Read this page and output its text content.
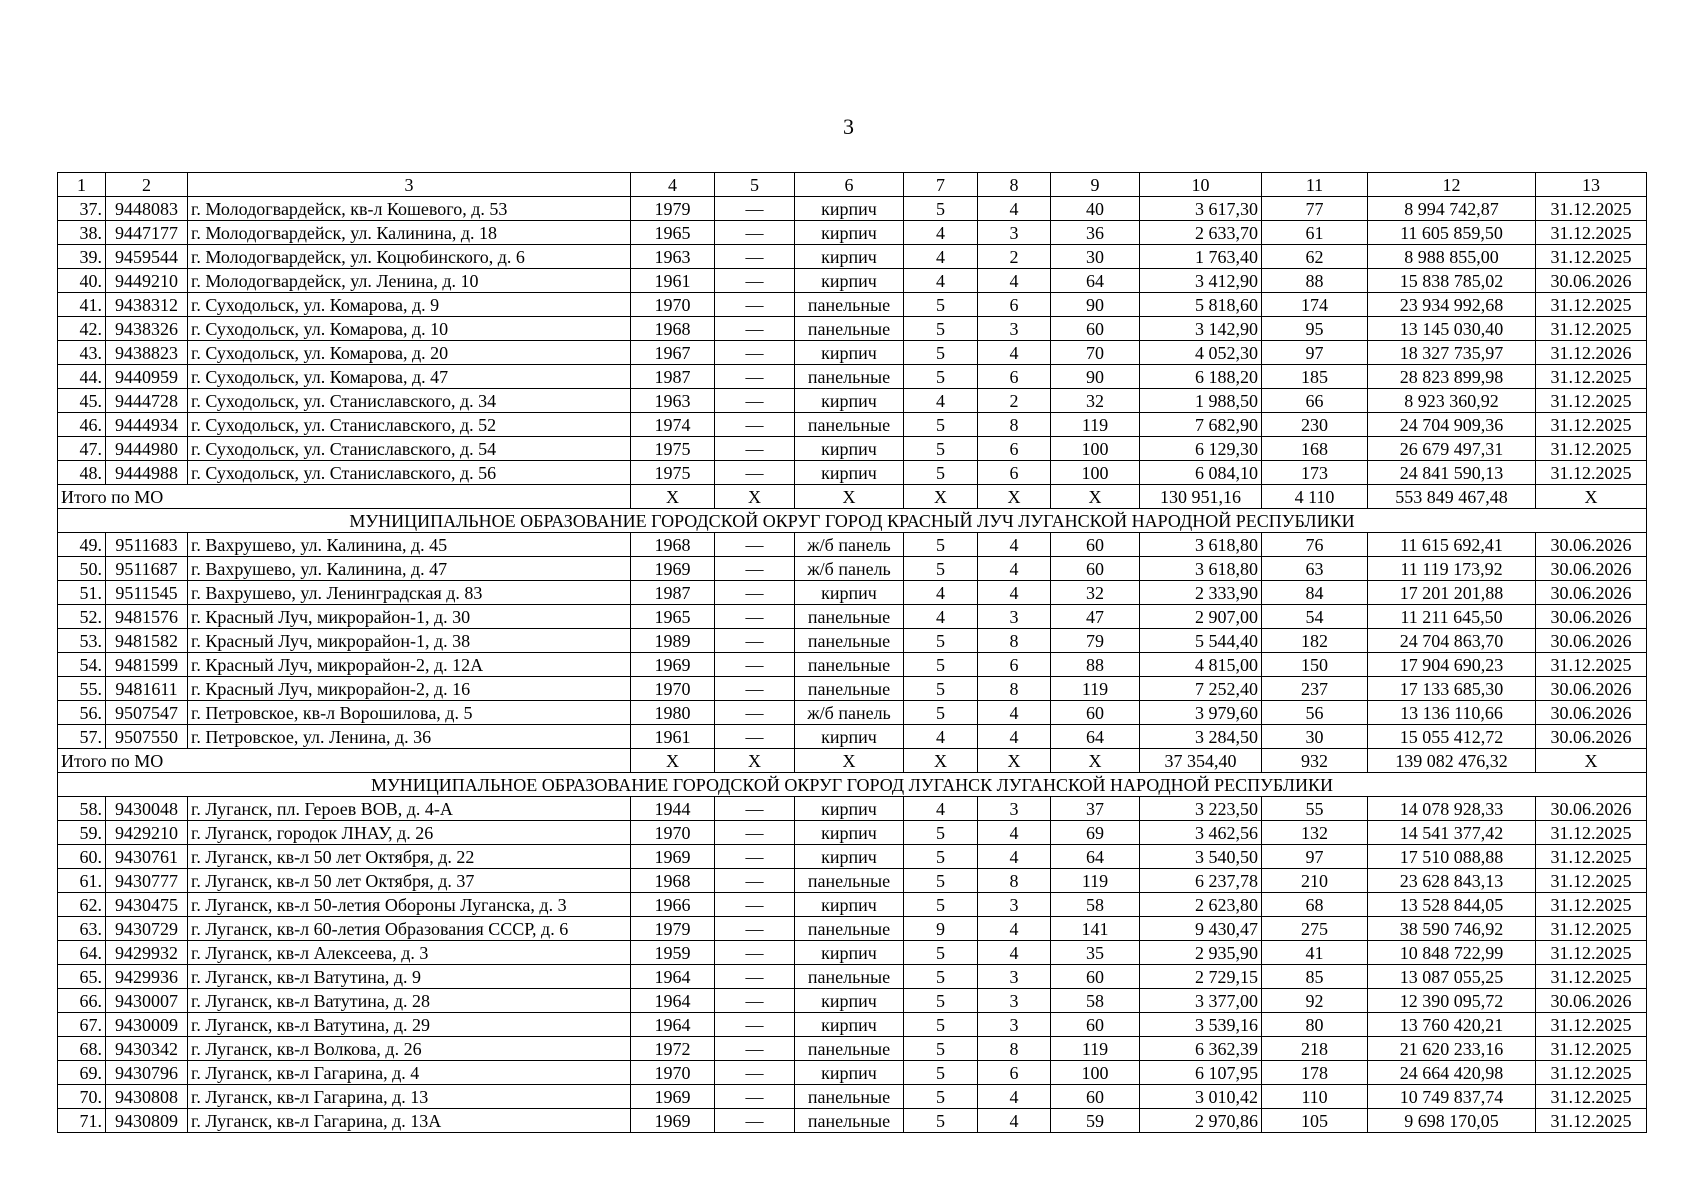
3
1	2	3	4	5	6	7	8	9	10	11	12	13
37.	9448083	г. Молодогвардейск, кв-л Кошевого, д. 53	1979	—	кирпич	5	4	40	3 617,30	77	8 994 742,87	31.12.2025
38.	9447177	г. Молодогвардейск, ул. Калинина, д. 18	1965	—	кирпич	4	3	36	2 633,70	61	11 605 859,50	31.12.2025
39.	9459544	г. Молодогвардейск, ул. Коцюбинского, д. 6	1963	—	кирпич	4	2	30	1 763,40	62	8 988 855,00	31.12.2025
40.	9449210	г. Молодогвардейск, ул. Ленина, д. 10	1961	—	кирпич	4	4	64	3 412,90	88	15 838 785,02	30.06.2026
41.	9438312	г. Суходольск, ул. Комарова, д. 9	1970	—	панельные	5	6	90	5 818,60	174	23 934 992,68	31.12.2025
42.	9438326	г. Суходольск, ул. Комарова, д. 10	1968	—	панельные	5	3	60	3 142,90	95	13 145 030,40	31.12.2025
43.	9438823	г. Суходольск, ул. Комарова, д. 20	1967	—	кирпич	5	4	70	4 052,30	97	18 327 735,97	31.12.2026
44.	9440959	г. Суходольск, ул. Комарова, д. 47	1987	—	панельные	5	6	90	6 188,20	185	28 823 899,98	31.12.2025
45.	9444728	г. Суходольск, ул. Станиславского, д. 34	1963	—	кирпич	4	2	32	1 988,50	66	8 923 360,92	31.12.2025
46.	9444934	г. Суходольск, ул. Станиславского, д. 52	1974	—	панельные	5	8	119	7 682,90	230	24 704 909,36	31.12.2025
47.	9444980	г. Суходольск, ул. Станиславского, д. 54	1975	—	кирпич	5	6	100	6 129,30	168	26 679 497,31	31.12.2025
48.	9444988	г. Суходольск, ул. Станиславского, д. 56	1975	—	кирпич	5	6	100	6 084,10	173	24 841 590,13	31.12.2025
Итого по МО			X	X	X	X	X	X	130 951,16	4 110	553 849 467,48	X
МУНИЦИПАЛЬНОЕ ОБРАЗОВАНИЕ ГОРОДСКОЙ ОКРУГ ГОРОД КРАСНЫЙ ЛУЧ ЛУГАНСКОЙ НАРОДНОЙ РЕСПУБЛИКИ												
49.	9511683	г. Вахрушево, ул. Калинина, д. 45	1968	—	ж/б панель	5	4	60	3 618,80	76	11 615 692,41	30.06.2026
50.	9511687	г. Вахрушево, ул. Калинина, д. 47	1969	—	ж/б панель	5	4	60	3 618,80	63	11 119 173,92	30.06.2026
51.	9511545	г. Вахрушево, ул. Ленинградская д. 83	1987	—	кирпич	4	4	32	2 333,90	84	17 201 201,88	30.06.2026
52.	9481576	г. Красный Луч, микрорайон-1, д. 30	1965	—	панельные	4	3	47	2 907,00	54	11 211 645,50	30.06.2026
53.	9481582	г. Красный Луч, микрорайон-1, д. 38	1989	—	панельные	5	8	79	5 544,40	182	24 704 863,70	30.06.2026
54.	9481599	г. Красный Луч, микрорайон-2, д. 12А	1969	—	панельные	5	6	88	4 815,00	150	17 904 690,23	31.12.2025
55.	9481611	г. Красный Луч, микрорайон-2, д. 16	1970	—	панельные	5	8	119	7 252,40	237	17 133 685,30	30.06.2026
56.	9507547	г. Петровское, кв-л Ворошилова, д. 5	1980	—	ж/б панель	5	4	60	3 979,60	56	13 136 110,66	30.06.2026
57.	9507550	г. Петровское, ул. Ленина, д. 36	1961	—	кирпич	4	4	64	3 284,50	30	15 055 412,72	30.06.2026
Итого по МО			X	X	X	X	X	X	37 354,40	932	139 082 476,32	X
МУНИЦИПАЛЬНОЕ ОБРАЗОВАНИЕ ГОРОДСКОЙ ОКРУГ ГОРОД ЛУГАНСК ЛУГАНСКОЙ НАРОДНОЙ РЕСПУБЛИКИ												
58.	9430048	г. Луганск, пл. Героев ВОВ, д. 4-А	1944	—	кирпич	4	3	37	3 223,50	55	14 078 928,33	30.06.2026
59.	9429210	г. Луганск, городок ЛНАУ, д. 26	1970	—	кирпич	5	4	69	3 462,56	132	14 541 377,42	31.12.2025
60.	9430761	г. Луганск, кв-л 50 лет Октября, д. 22	1969	—	кирпич	5	4	64	3 540,50	97	17 510 088,88	31.12.2025
61.	9430777	г. Луганск, кв-л 50 лет Октября, д. 37	1968	—	панельные	5	8	119	6 237,78	210	23 628 843,13	31.12.2025
62.	9430475	г. Луганск, кв-л 50-летия Обороны Луганска, д. 3	1966	—	кирпич	5	3	58	2 623,80	68	13 528 844,05	31.12.2025
63.	9430729	г. Луганск, кв-л 60-летия Образования СССР, д. 6	1979	—	панельные	9	4	141	9 430,47	275	38 590 746,92	31.12.2025
64.	9429932	г. Луганск, кв-л Алексеева, д. 3	1959	—	кирпич	5	4	35	2 935,90	41	10 848 722,99	31.12.2025
65.	9429936	г. Луганск, кв-л Ватутина, д. 9	1964	—	панельные	5	3	60	2 729,15	85	13 087 055,25	31.12.2025
66.	9430007	г. Луганск, кв-л Ватутина, д. 28	1964	—	кирпич	5	3	58	3 377,00	92	12 390 095,72	30.06.2026
67.	9430009	г. Луганск, кв-л Ватутина, д. 29	1964	—	кирпич	5	3	60	3 539,16	80	13 760 420,21	31.12.2025
68.	9430342	г. Луганск, кв-л Волкова, д. 26	1972	—	панельные	5	8	119	6 362,39	218	21 620 233,16	31.12.2025
69.	9430796	г. Луганск, кв-л Гагарина, д. 4	1970	—	кирпич	5	6	100	6 107,95	178	24 664 420,98	31.12.2025
70.	9430808	г. Луганск, кв-л Гагарина, д. 13	1969	—	панельные	5	4	60	3 010,42	110	10 749 837,74	31.12.2025
71.	9430809	г. Луганск, кв-л Гагарина, д. 13А	1969	—	панельные	5	4	59	2 970,86	105	9 698 170,05	31.12.2025
